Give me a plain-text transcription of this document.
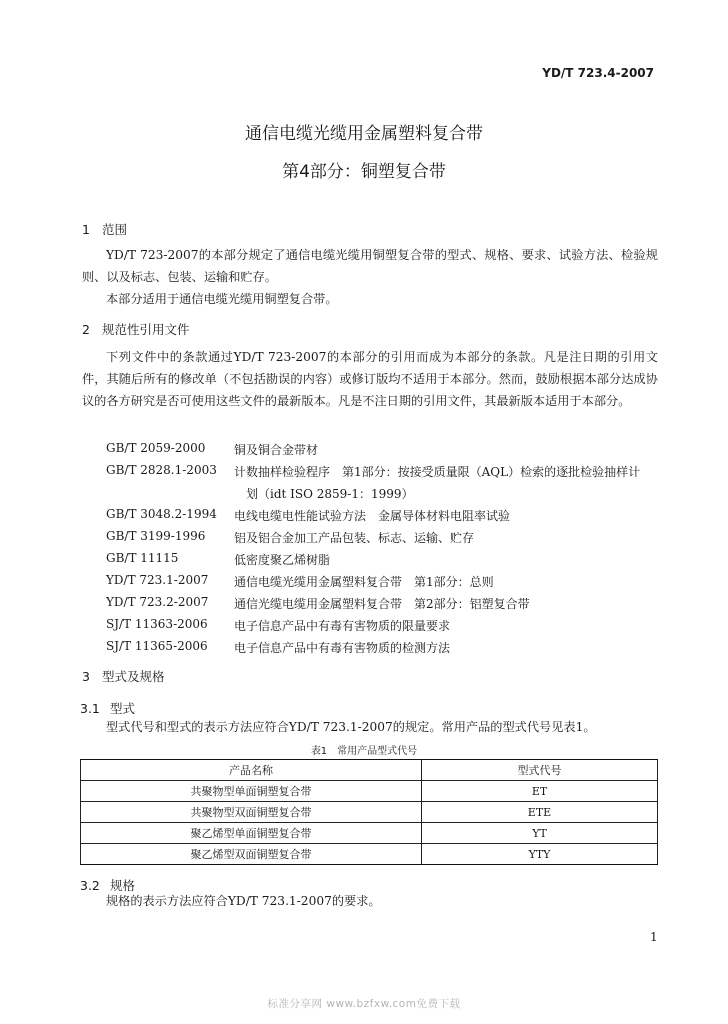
YD/T 723.4-2007
通信电缆光缆用金属塑料复合带
第4部分：铜塑复合带
1 范围
YD/T 723-2007的本部分规定了通信电缆光缆用铜塑复合带的型式、规格、要求、试验方法、检验规则、以及标志、包装、运输和贮存。
本部分适用于通信电缆光缆用铜塑复合带。
2 规范性引用文件
下列文件中的条款通过YD/T 723-2007的本部分的引用而成为本部分的条款。凡是注日期的引用文件，其随后所有的修改单（不包括勘误的内容）或修订版均不适用于本部分。然而，鼓励根据本部分达成协议的各方研究是否可使用这些文件的最新版本。凡是不注日期的引用文件，其最新版本适用于本部分。
GB/T 2059-2000 铜及铜合金带材
GB/T 2828.1-2003 计数抽样检验程序　第1部分：按接受质量限（AQL）检索的逐批检验抽样计
划（idt ISO 2859-1：1999）
GB/T 3048.2-1994 电线电缆电性能试验方法　金属导体材料电阻率试验
GB/T 3199-1996 铝及铝合金加工产品包装、标志、运输、贮存
GB/T 11115	低密度聚乙烯树脂
YD/T 723.1-2007 通信电缆光缆用金属塑料复合带　第1部分：总则
YD/T 723.2-2007 通信光缆电缆用金属塑料复合带　第2部分：铝塑复合带
SJ/T 11363-2006 电子信息产品中有毒有害物质的限量要求
SJ/T 11365-2006 电子信息产品中有毒有害物质的检测方法
3 型式及规格
3.1 型式
型式代号和型式的表示方法应符合YD/T 723.1-2007的规定。常用产品的型式代号见表1。
表1　常用产品型式代号
产品名称	型式代号
共聚物型单面铜塑复合带	ET
共聚物型双面铜塑复合带	ETE
聚乙烯型单面铜塑复合带	YT
聚乙烯型双面铜塑复合带	YTY
3.2 规格
规格的表示方法应符合YD/T 723.1-2007的要求。
1
标准分享网 www.bzfxw.com免费下载
